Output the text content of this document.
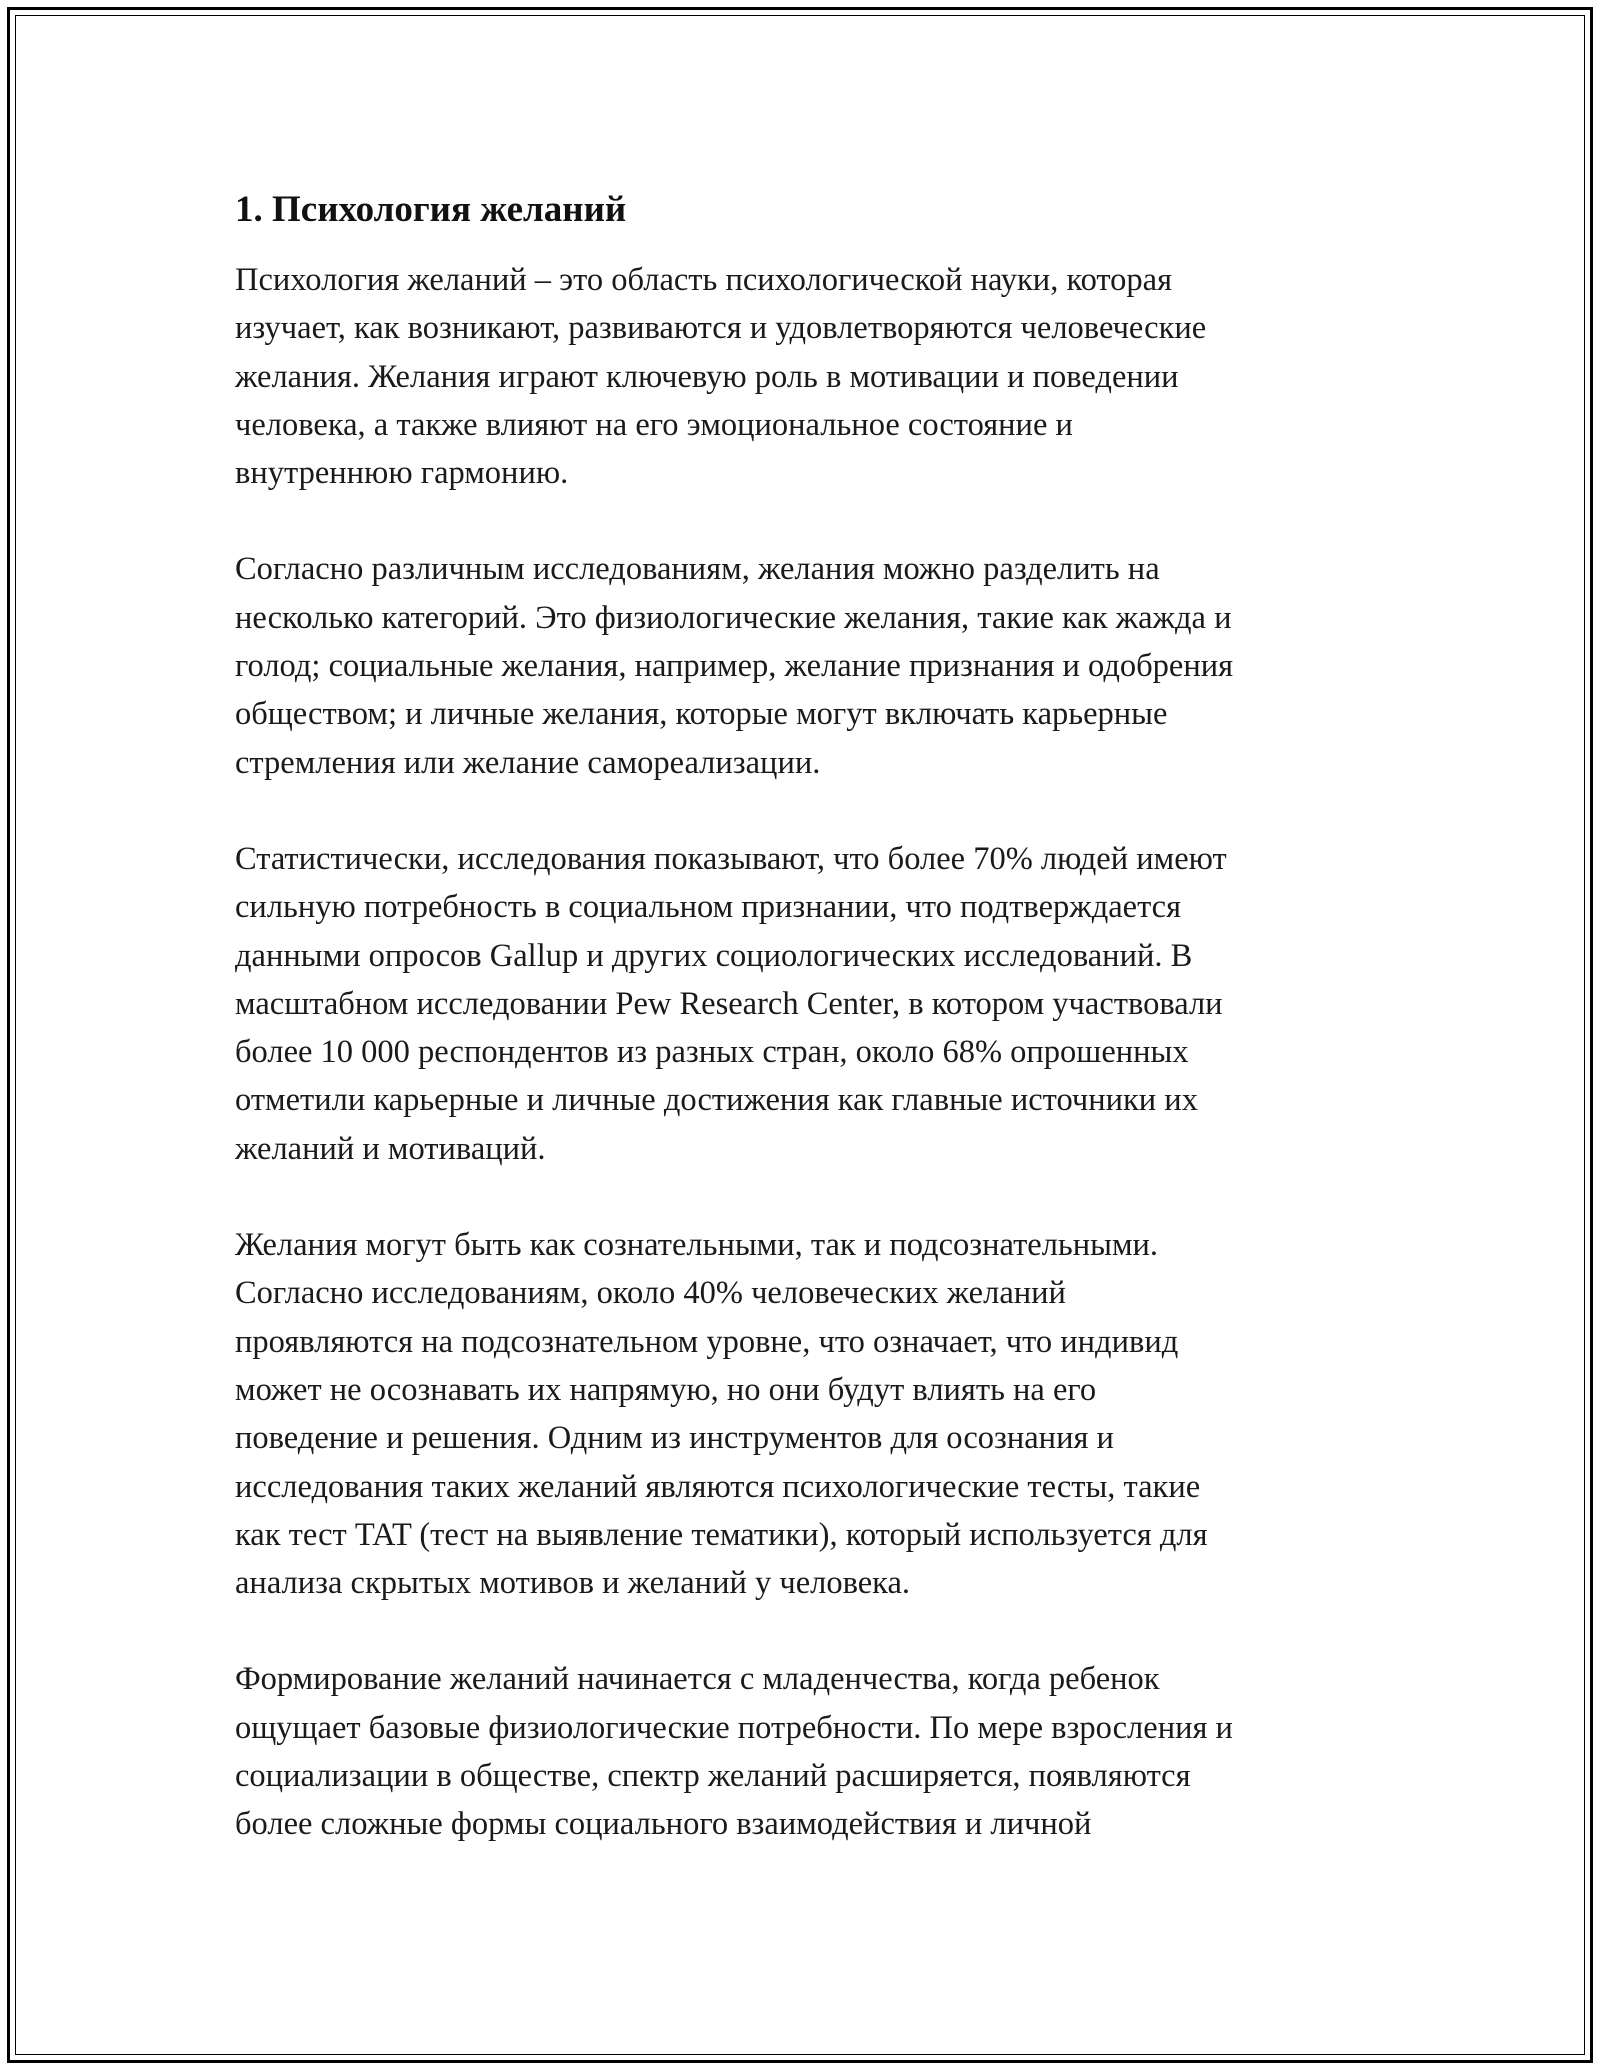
1. Психология желаний

Психология желаний – это область психологической науки, которая
изучает, как возникают, развиваются и удовлетворяются человеческие
желания. Желания играют ключевую роль в мотивации и поведении
человека, а также влияют на его эмоциональное состояние и
внутреннюю гармонию.

Согласно различным исследованиям, желания можно разделить на
несколько категорий. Это физиологические желания, такие как жажда и
голод; социальные желания, например, желание признания и одобрения
обществом; и личные желания, которые могут включать карьерные
стремления или желание самореализации.

Статистически, исследования показывают, что более 70% людей имеют
сильную потребность в социальном признании, что подтверждается
данными опросов Gallup и других социологических исследований. В
масштабном исследовании Pew Research Center, в котором участвовали
более 10 000 респондентов из разных стран, около 68% опрошенных
отметили карьерные и личные достижения как главные источники их
желаний и мотиваций.

Желания могут быть как сознательными, так и подсознательными.
Согласно исследованиям, около 40% человеческих желаний
проявляются на подсознательном уровне, что означает, что индивид
может не осознавать их напрямую, но они будут влиять на его
поведение и решения. Одним из инструментов для осознания и
исследования таких желаний являются психологические тесты, такие
как тест TAT (тест на выявление тематики), который используется для
анализа скрытых мотивов и желаний у человека.

Формирование желаний начинается с младенчества, когда ребенок
ощущает базовые физиологические потребности. По мере взросления и
социализации в обществе, спектр желаний расширяется, появляются
более сложные формы социального взаимодействия и личной
